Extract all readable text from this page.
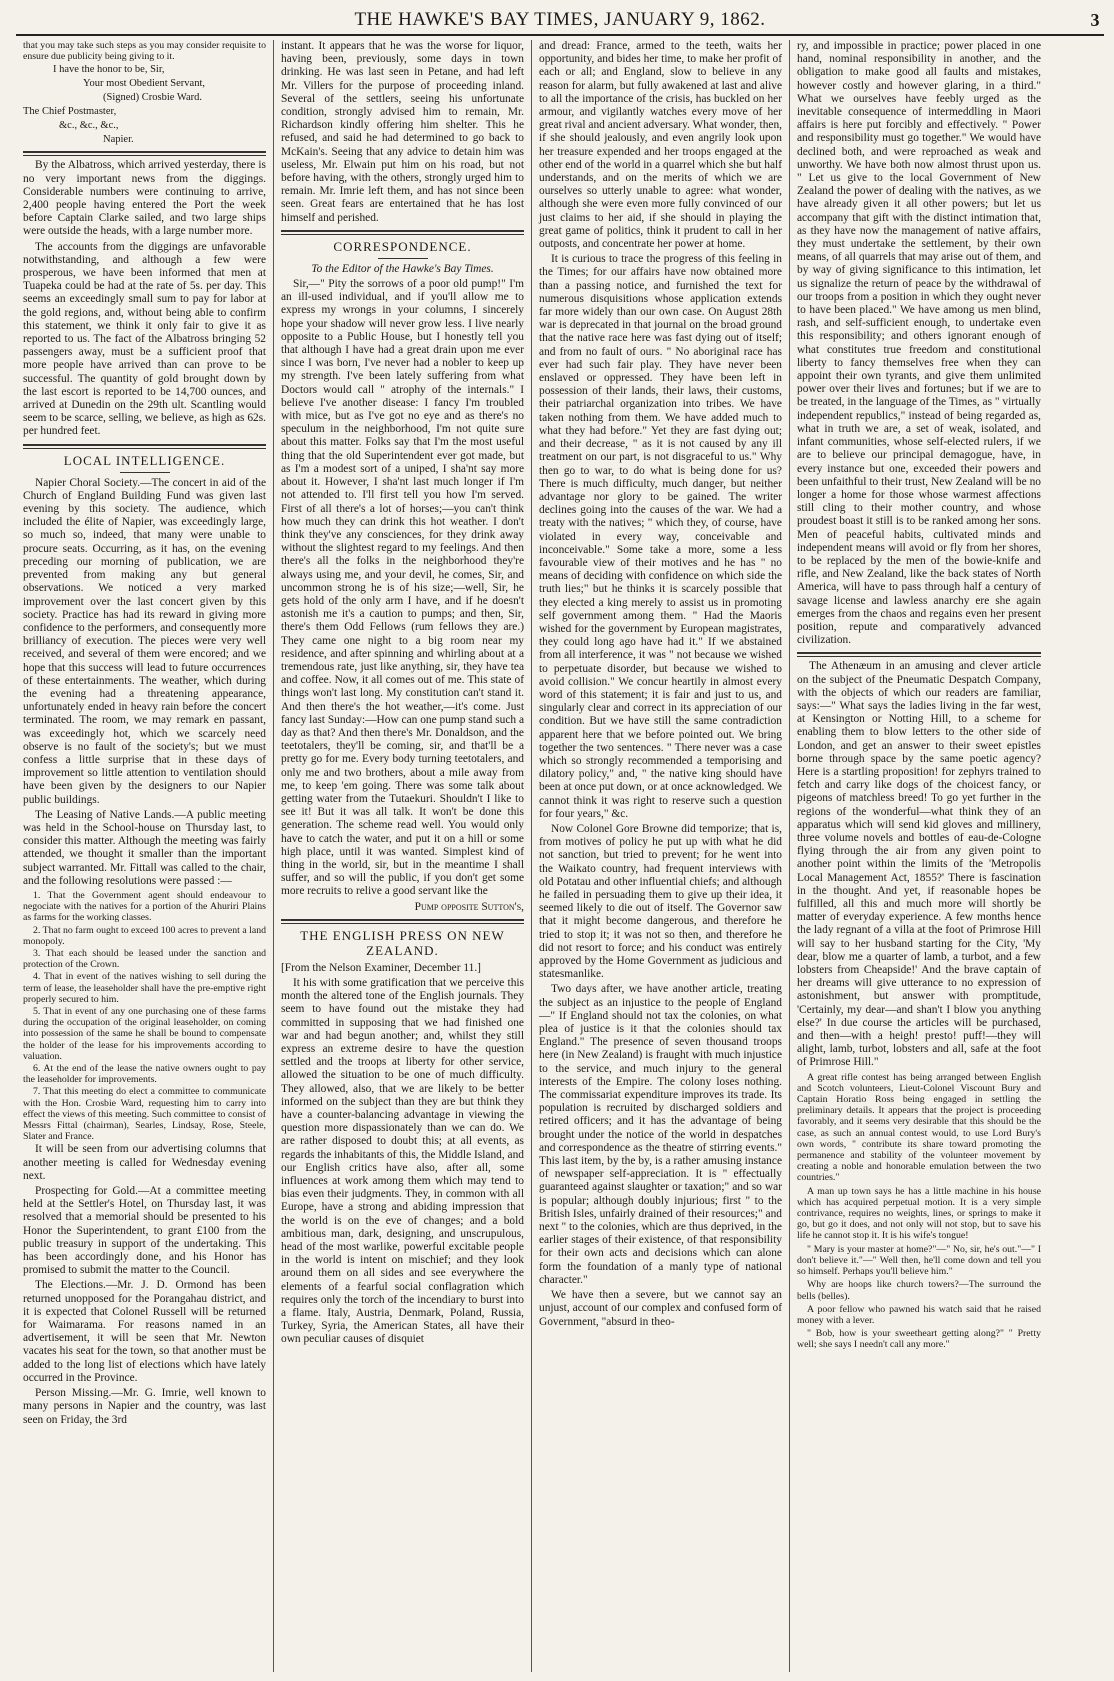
THE HAWKE'S BAY TIMES, JANUARY 9, 1862.	3

that you may take such steps as you may consider requisite to ensure due publicity being giving to it.

I have the honor to be, Sir,

Your most Obedient Servant,

(Signed) Crosbie Ward.

The Chief Postmaster,

&c., &c., &c.,

Napier.

By the Albatross, which arrived yesterday, there is no very important news from the diggings. Considerable numbers were continuing to arrive, 2,400 people having entered the Port the week before Captain Clarke sailed, and two large ships were outside the heads, with a large number more.

The accounts from the diggings are unfavorable notwithstanding, and although a few were prosperous, we have been informed that men at Tuapeka could be had at the rate of 5s. per day. This seems an exceedingly small sum to pay for labor at the gold regions, and, without being able to confirm this statement, we think it only fair to give it as reported to us. The fact of the Albatross bringing 52 passengers away, must be a sufficient proof that more people have arrived than can prove to be successful. The quantity of gold brought down by the last escort is reported to be 14,700 ounces, and arrived at Dunedin on the 29th ult. Scantling would seem to be scarce, selling, we believe, as high as 62s. per hundred feet.

LOCAL INTELLIGENCE.

Napier Choral Society.—The concert in aid of the Church of England Building Fund was given last evening by this society. The audience, which included the élite of Napier, was exceedingly large, so much so, indeed, that many were unable to procure seats. Occurring, as it has, on the evening preceding our morning of publication, we are prevented from making any but general observations. We noticed a very marked improvement over the last concert given by this society. Practice has had its reward in giving more confidence to the performers, and consequently more brilliancy of execution. The pieces were very well received, and several of them were encored; and we hope that this success will lead to future occurrences of these entertainments. The weather, which during the evening had a threatening appearance, unfortunately ended in heavy rain before the concert terminated. The room, we may remark en passant, was exceedingly hot, which we scarcely need observe is no fault of the society's; but we must confess a little surprise that in these days of improvement so little attention to ventilation should have been given by the designers to our Napier public buildings.

The Leasing of Native Lands.—A public meeting was held in the School-house on Thursday last, to consider this matter. Although the meeting was fairly attended, we thought it smaller than the important subject warranted. Mr. Fittall was called to the chair, and the following resolutions were passed :—

1. That the Government agent should endeavour to negociate with the natives for a portion of the Ahuriri Plains as farms for the working classes.
2. That no farm ought to exceed 100 acres to prevent a land monopoly.
3. That each should be leased under the sanction and protection of the Crown.
4. That in event of the natives wishing to sell during the term of lease, the leaseholder shall have the pre-emptive right properly secured to him.
5. That in event of any one purchasing one of these farms during the occupation of the original leaseholder, on coming into possession of the same he shall be bound to compensate the holder of the lease for his improvements according to valuation.
6. At the end of the lease the native owners ought to pay the leaseholder for improvements.
7. That this meeting do elect a committee to communicate with the Hon. Crosbie Ward, requesting him to carry into effect the views of this meeting. Such committee to consist of Messrs Fittal (chairman), Searles, Lindsay, Rose, Steele, Slater and France.

It will be seen from our advertising columns that another meeting is called for Wednesday evening next.

Prospecting for Gold.—At a committee meeting held at the Settler's Hotel, on Thursday last, it was resolved that a memorial should be presented to his Honor the Superintendent, to grant £100 from the public treasury in support of the undertaking. This has been accordingly done, and his Honor has promised to submit the matter to the Council.

The Elections.—Mr. J. D. Ormond has been returned unopposed for the Porangahau district, and it is expected that Colonel Russell will be returned for Waimarama. For reasons named in an advertisement, it will be seen that Mr. Newton vacates his seat for the town, so that another must be added to the long list of elections which have lately occurred in the Province.

Person Missing.—Mr. G. Imrie, well known to many persons in Napier and the country, was last seen on Friday, the 3rd

instant. It appears that he was the worse for liquor, having been, previously, some days in town drinking. He was last seen in Petane, and had left Mr. Villers for the purpose of proceeding inland. Several of the settlers, seeing his unfortunate condition, strongly advised him to remain, Mr. Richardson kindly offering him shelter. This he refused, and said he had determined to go back to McKain's. Seeing that any advice to detain him was useless, Mr. Elwain put him on his road, but not before having, with the others, strongly urged him to remain. Mr. Imrie left them, and has not since been seen. Great fears are entertained that he has lost himself and perished.

CORRESPONDENCE.

To the Editor of the Hawke's Bay Times.

Sir,—" Pity the sorrows of a poor old pump!" I'm an ill-used individual, and if you'll allow me to express my wrongs in your columns, I sincerely hope your shadow will never grow less. I live nearly opposite to a Public House, but I honestly tell you that although I have had a great drain upon me ever since I was born, I've never had a nobler to keep up my strength. I've been lately suffering from what Doctors would call " atrophy of the internals." I believe I've another disease: I fancy I'm troubled with mice, but as I've got no eye and as there's no speculum in the neighborhood, I'm not quite sure about this matter. Folks say that I'm the most useful thing that the old Superintendent ever got made, but as I'm a modest sort of a uniped, I sha'nt say more about it. However, I sha'nt last much longer if I'm not attended to. I'll first tell you how I'm served. First of all there's a lot of horses;—you can't think how much they can drink this hot weather. I don't think they've any consciences, for they drink away without the slightest regard to my feelings. And then there's all the folks in the neighborhood they're always using me, and your devil, he comes, Sir, and uncommon strong he is of his size;—well, Sir, he gets hold of the only arm I have, and if he doesn't astonish me it's a caution to pumps; and then, Sir, there's them Odd Fellows (rum fellows they are.) They came one night to a big room near my residence, and after spinning and whirling about at a tremendous rate, just like anything, sir, they have tea and coffee. Now, it all comes out of me. This state of things won't last long. My constitution can't stand it. And then there's the hot weather,—it's come. Just fancy last Sunday:—How can one pump stand such a day as that? And then there's Mr. Donaldson, and the teetotalers, they'll be coming, sir, and that'll be a pretty go for me. Every body turning teetotalers, and only me and two brothers, about a mile away from me, to keep 'em going. There was some talk about getting water from the Tutaekuri. Shouldn't I like to see it! But it was all talk. It won't be done this generation. The scheme read well. You would only have to catch the water, and put it on a hill or some high place, until it was wanted. Simplest kind of thing in the world, sir, but in the meantime I shall suffer, and so will the public, if you don't get some more recruits to relive a good servant like the

Pump opposite Sutton's,

THE ENGLISH PRESS ON NEW ZEALAND.

[From the Nelson Examiner, December 11.]

It his with some gratification that we perceive this month the altered tone of the English journals. They seem to have found out the mistake they had committed in supposing that we had finished one war and had begun another; and, whilst they still express an extreme desire to have the question settled and the troops at liberty for other service, allowed the situation to be one of much difficulty. They allowed, also, that we are likely to be better informed on the subject than they are but think they have a counter-balancing advantage in viewing the question more dispassionately than we can do. We are rather disposed to doubt this; at all events, as regards the inhabitants of this, the Middle Island, and our English critics have also, after all, some influences at work among them which may tend to bias even their judgments. They, in common with all Europe, have a strong and abiding impression that the world is on the eve of changes; and a bold ambitious man, dark, designing, and unscrupulous, head of the most warlike, powerful excitable people in the world is intent on mischief; and they look around them on all sides and see everywhere the elements of a fearful social conflagration which requires only the torch of the incendiary to burst into a flame. Italy, Austria, Denmark, Poland, Russia, Turkey, Syria, the American States, all have their own peculiar causes of disquiet

and dread: France, armed to the teeth, waits her opportunity, and bides her time, to make her profit of each or all; and England, slow to believe in any reason for alarm, but fully awakened at last and alive to all the importance of the crisis, has buckled on her armour, and vigilantly watches every move of her great rival and ancient adversary. What wonder, then, if she should jealously, and even angrily look upon her treasure expended and her troops engaged at the other end of the world in a quarrel which she but half understands, and on the merits of which we are ourselves so utterly unable to agree: what wonder, although she were even more fully convinced of our just claims to her aid, if she should in playing the great game of politics, think it prudent to call in her outposts, and concentrate her power at home.

It is curious to trace the progress of this feeling in the Times; for our affairs have now obtained more than a passing notice, and furnished the text for numerous disquisitions whose application extends far more widely than our own case. On August 28th war is deprecated in that journal on the broad ground that the native race here was fast dying out of itself; and from no fault of ours. " No aboriginal race has ever had such fair play. They have never been enslaved or oppressed. They have been left in possession of their lands, their laws, their customs, their patriarchal organization into tribes. We have taken nothing from them. We have added much to what they had before." Yet they are fast dying out; and their decrease, " as it is not caused by any ill treatment on our part, is not disgraceful to us." Why then go to war, to do what is being done for us? There is much difficulty, much danger, but neither advantage nor glory to be gained. The writer declines going into the causes of the war. We had a treaty with the natives; " which they, of course, have violated in every way, conceivable and inconceivable." Some take a more, some a less favourable view of their motives and he has " no means of deciding with confidence on which side the truth lies;" but he thinks it is scarcely possible that they elected a king merely to assist us in promoting self government among them. " Had the Maoris wished for the government by European magistrates, they could long ago have had it." If we abstained from all interference, it was " not because we wished to perpetuate disorder, but because we wished to avoid collision." We concur heartily in almost every word of this statement; it is fair and just to us, and singularly clear and correct in its appreciation of our condition. But we have still the same contradiction apparent here that we before pointed out. We bring together the two sentences. " There never was a case which so strongly recommended a temporising and dilatory policy," and, " the native king should have been at once put down, or at once acknowledged. We cannot think it was right to reserve such a question for four years," &c.

Now Colonel Gore Browne did temporize; that is, from motives of policy he put up with what he did not sanction, but tried to prevent; for he went into the Waikato country, had frequent interviews with old Potatau and other influential chiefs; and although he failed in persuading them to give up their idea, it seemed likely to die out of itself. The Governor saw that it might become dangerous, and therefore he tried to stop it; it was not so then, and therefore he did not resort to force; and his conduct was entirely approved by the Home Government as judicious and statesmanlike.

Two days after, we have another article, treating the subject as an injustice to the people of England—" If England should not tax the colonies, on what plea of justice is it that the colonies should tax England." The presence of seven thousand troops here (in New Zealand) is fraught with much injustice to the service, and much injury to the general interests of the Empire. The colony loses nothing. The commissariat expenditure improves its trade. Its population is recruited by discharged soldiers and retired officers; and it has the advantage of being brought under the notice of the world in despatches and correspondence as the theatre of stirring events." This last item, by the by, is a rather amusing instance of newspaper self-appreciation. It is " effectually guaranteed against slaughter or taxation;" and so war is popular; although doubly injurious; first " to the British Isles, unfairly drained of their resources;" and next " to the colonies, which are thus deprived, in the earlier stages of their existence, of that responsibility for their own acts and decisions which can alone form the foundation of a manly type of national character."

We have then a severe, but we cannot say an unjust, account of our complex and confused form of Government, "absurd in theo-

ry, and impossible in practice; power placed in one hand, nominal responsibility in another, and the obligation to make good all faults and mistakes, however costly and however glaring, in a third." What we ourselves have feebly urged as the inevitable consequence of intermeddling in Maori affairs is here put forcibly and effectively. " Power and responsibility must go together." We would have declined both, and were reproached as weak and unworthy. We have both now almost thrust upon us. " Let us give to the local Government of New Zealand the power of dealing with the natives, as we have already given it all other powers; but let us accompany that gift with the distinct intimation that, as they have now the management of native affairs, they must undertake the settlement, by their own means, of all quarrels that may arise out of them, and by way of giving significance to this intimation, let us signalize the return of peace by the withdrawal of our troops from a position in which they ought never to have been placed." We have among us men blind, rash, and self-sufficient enough, to undertake even this responsibility; and others ignorant enough of what constitutes true freedom and constitutional liberty to fancy themselves free when they can appoint their own tyrants, and give them unlimited power over their lives and fortunes; but if we are to be treated, in the language of the Times, as " virtually independent republics," instead of being regarded as, what in truth we are, a set of weak, isolated, and infant communities, whose self-elected rulers, if we are to believe our principal demagogue, have, in every instance but one, exceeded their powers and been unfaithful to their trust, New Zealand will be no longer a home for those whose warmest affections still cling to their mother country, and whose proudest boast it still is to be ranked among her sons. Men of peaceful habits, cultivated minds and independent means will avoid or fly from her shores, to be replaced by the men of the bowie-knife and rifle, and New Zealand, like the back states of North America, will have to pass through half a century of savage license and lawless anarchy ere she again emerges from the chaos and regains even her present position, repute and comparatively advanced civilization.

The Athenæum in an amusing and clever article on the subject of the Pneumatic Despatch Company, with the objects of which our readers are familiar, says:—" What says the ladies living in the far west, at Kensington or Notting Hill, to a scheme for enabling them to blow letters to the other side of London, and get an answer to their sweet epistles borne through space by the same poetic agency? Here is a startling proposition! for zephyrs trained to fetch and carry like dogs of the choicest fancy, or pigeons of matchless breed! To go yet further in the regions of the wonderful—what think they of an apparatus which will send kid gloves and millinery, three volume novels and bottles of eau-de-Cologne flying through the air from any given point to another point within the limits of the 'Metropolis Local Management Act, 1855?' There is fascination in the thought. And yet, if reasonable hopes be fulfilled, all this and much more will shortly be matter of everyday experience. A few months hence the lady regnant of a villa at the foot of Primrose Hill will say to her husband starting for the City, 'My dear, blow me a quarter of lamb, a turbot, and a few lobsters from Cheapside!' And the brave captain of her dreams will give utterance to no expression of astonishment, but answer with promptitude, 'Certainly, my dear—and shan't I blow you anything else?' In due course the articles will be purchased, and then—with a heigh! presto! puff!—they will alight, lamb, turbot, lobsters and all, safe at the foot of Primrose Hill."

A great rifle contest has being arranged between English and Scotch volunteers, Lieut-Colonel Viscount Bury and Captain Horatio Ross being engaged in settling the preliminary details. It appears that the project is proceeding favorably, and it seems very desirable that this should be the case, as such an annual contest would, to use Lord Bury's own words, " contribute its share toward promoting the permanence and stability of the volunteer movement by creating a noble and honorable emulation between the two countries."

A man up town says he has a little machine in his house which has acquired perpetual motion. It is a very simple contrivance, requires no weights, lines, or springs to make it go, but go it does, and not only will not stop, but to save his life he cannot stop it. It is his wife's tongue!

" Mary is your master at home?"—" No, sir, he's out."—" I don't believe it."—" Well then, he'll come down and tell you so himself. Perhaps you'll believe him."

Why are hoops like church towers?—The surround the bells (belles).

A poor fellow who pawned his watch said that he raised money with a lever.

" Bob, how is your sweetheart getting along?" " Pretty well; she says I needn't call any more."
